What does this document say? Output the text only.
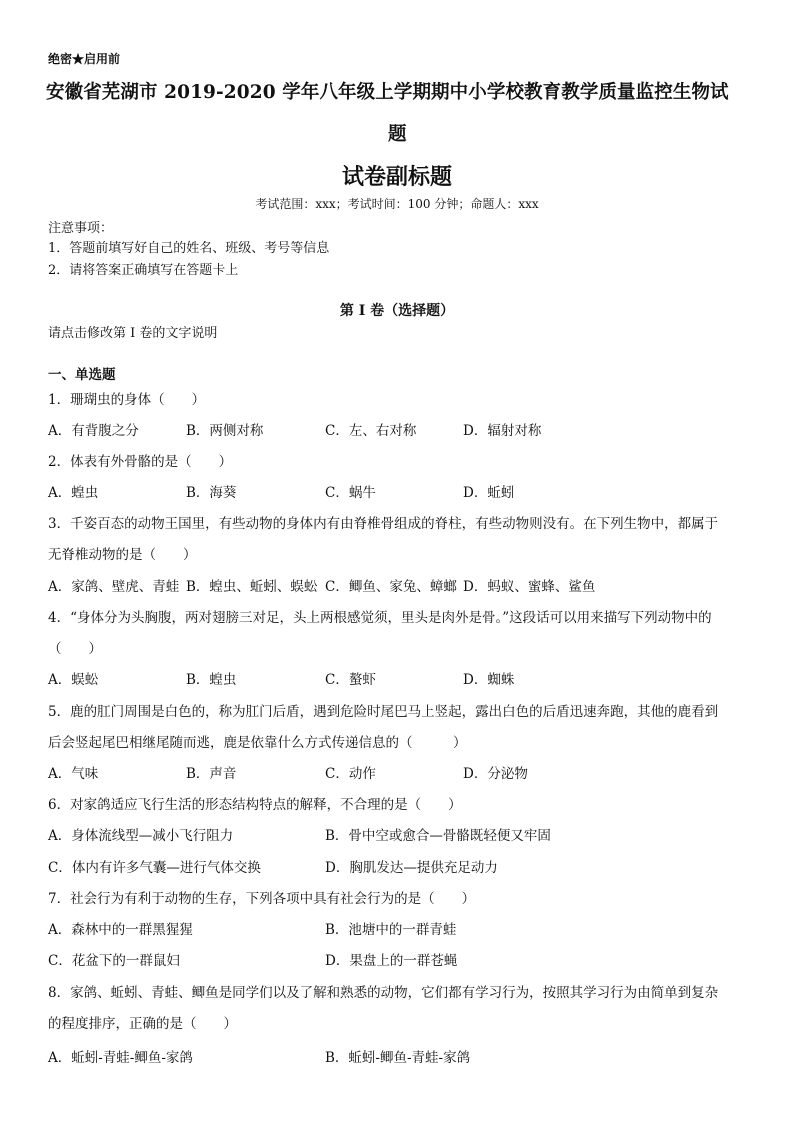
绝密★启用前
安徽省芜湖市 2019-2020 学年八年级上学期期中小学校教育教学质量监控生物试
题
试卷副标题
考试范围：xxx；考试时间：100 分钟；命题人：xxx
注意事项：
1．答题前填写好自己的姓名、班级、考号等信息
2．请将答案正确填写在答题卡上
第 I 卷（选择题）
请点击修改第 I 卷的文字说明
一、单选题
1．珊瑚虫的身体（　　）
A．有背腹之分	B．两侧对称	C．左、右对称	D．辐射对称
2．体表有外骨骼的是（　　）
A．蝗虫	B．海葵	C．蜗牛	D．蚯蚓
3．千姿百态的动物王国里，有些动物的身体内有由脊椎骨组成的脊柱，有些动物则没有。在下列生物中，都属于
无脊椎动物的是（　　）
A．家鸽、壁虎、青蛙 B．蝗虫、蚯蚓、蜈蚣 C．鲫鱼、家兔、蟑螂 D．蚂蚁、蜜蜂、鲨鱼
4．“身体分为头胸腹，两对翅膀三对足，头上两根感觉须，里头是肉外是骨。”这段话可以用来描写下列动物中的
（　　）
A．蜈蚣	B．蝗虫	C．螯虾	D．蜘蛛
5．鹿的肛门周围是白色的，称为肛门后盾，遇到危险时尾巴马上竖起，露出白色的后盾迅速奔跑，其他的鹿看到
后会竖起尾巴相继尾随而逃，鹿是依靠什么方式传递信息的（　　　）
A．气味	B．声音	C．动作	D．分泌物
6．对家鸽适应飞行生活的形态结构特点的解释，不合理的是（　　）
A．身体流线型—减小飞行阻力	B．骨中空或愈合—骨骼既轻便又牢固
C．体内有许多气囊—进行气体交换	D．胸肌发达—提供充足动力
7．社会行为有利于动物的生存，下列各项中具有社会行为的是（　　）
A．森林中的一群黑猩猩	B．池塘中的一群青蛙
C．花盆下的一群鼠妇	D．果盘上的一群苍蝇
8．家鸽、蚯蚓、青蛙、鲫鱼是同学们以及了解和熟悉的动物，它们都有学习行为，按照其学习行为由简单到复杂
的程度排序，正确的是（　　）
A．蚯蚓-青蛙-鲫鱼-家鸽	B．蚯蚓-鲫鱼-青蛙-家鸽
